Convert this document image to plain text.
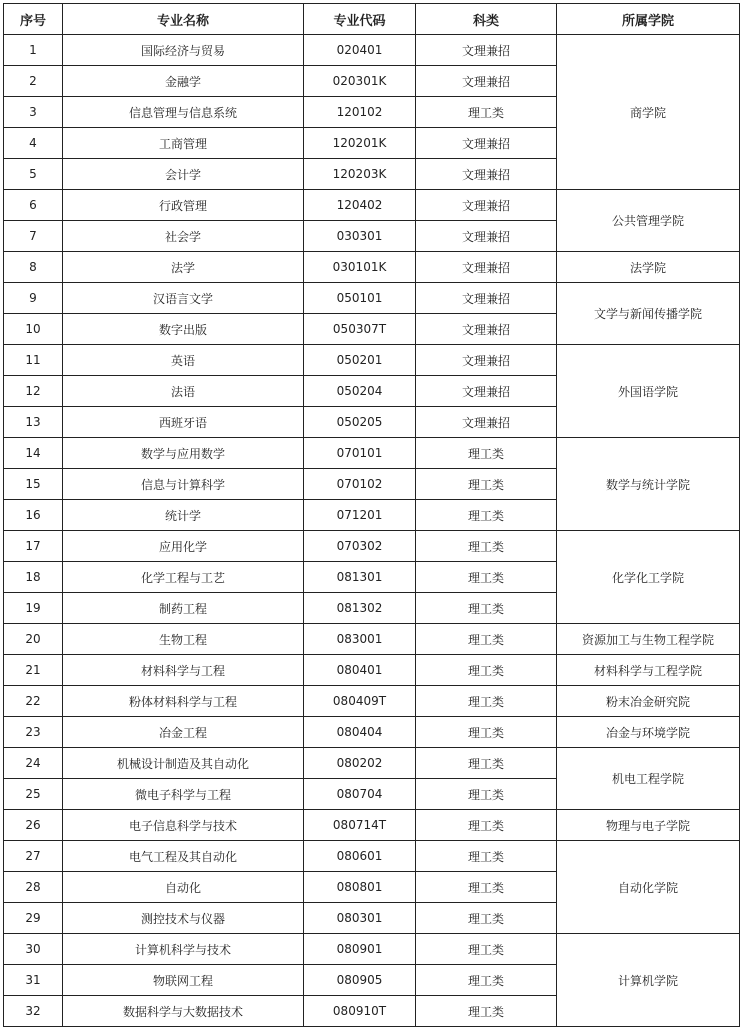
序号	专业名称	专业代码	科类	所属学院
1	国际经济与贸易	020401	文理兼招	商学院
2	金融学	020301K	文理兼招	
3	信息管理与信息系统	120102	理工类	
4	工商管理	120201K	文理兼招	
5	会计学	120203K	文理兼招	
6	行政管理	120402	文理兼招	公共管理学院
7	社会学	030301	文理兼招	
8	法学	030101K	文理兼招	法学院
9	汉语言文学	050101	文理兼招	文学与新闻传播学院
10	数字出版	050307T	文理兼招	
11	英语	050201	文理兼招	外国语学院
12	法语	050204	文理兼招	
13	西班牙语	050205	文理兼招	
14	数学与应用数学	070101	理工类	数学与统计学院
15	信息与计算科学	070102	理工类	
16	统计学	071201	理工类	
17	应用化学	070302	理工类	化学化工学院
18	化学工程与工艺	081301	理工类	
19	制药工程	081302	理工类	
20	生物工程	083001	理工类	资源加工与生物工程学院
21	材料科学与工程	080401	理工类	材料科学与工程学院
22	粉体材料科学与工程	080409T	理工类	粉末冶金研究院
23	冶金工程	080404	理工类	冶金与环境学院
24	机械设计制造及其自动化	080202	理工类	机电工程学院
25	微电子科学与工程	080704	理工类	
26	电子信息科学与技术	080714T	理工类	物理与电子学院
27	电气工程及其自动化	080601	理工类	自动化学院
28	自动化	080801	理工类	
29	测控技术与仪器	080301	理工类	
30	计算机科学与技术	080901	理工类	计算机学院
31	物联网工程	080905	理工类	
32	数据科学与大数据技术	080910T	理工类	
